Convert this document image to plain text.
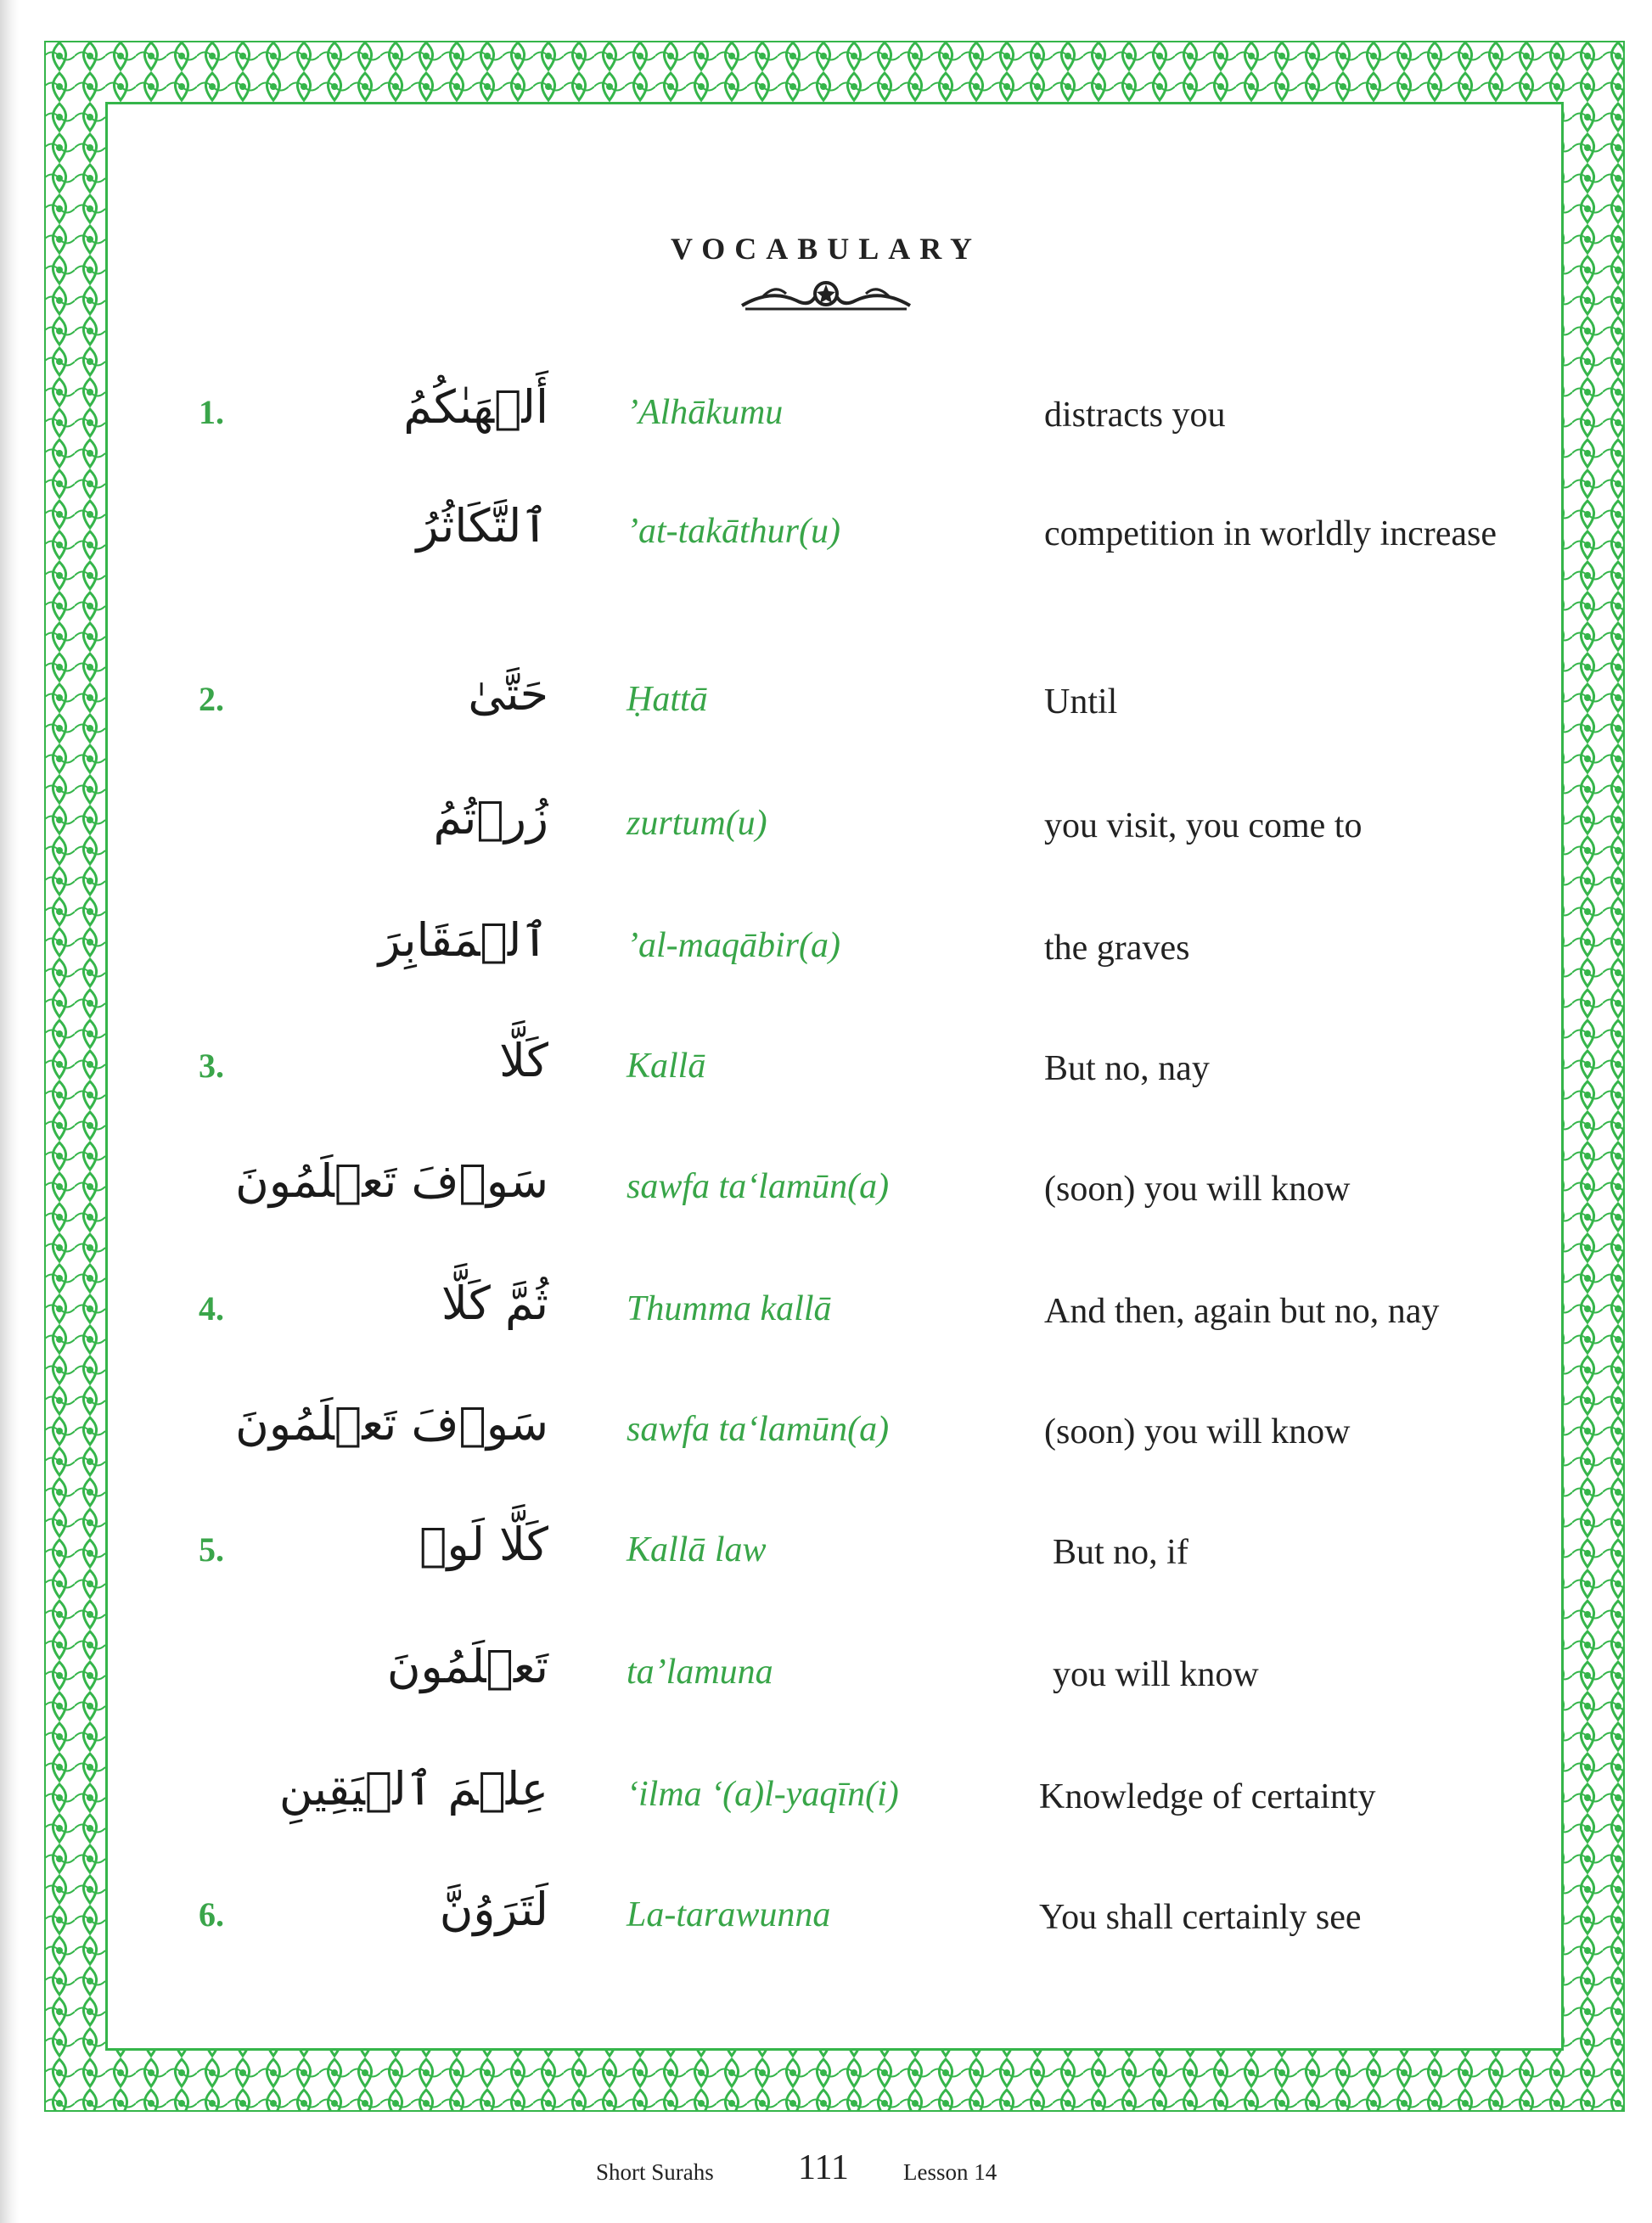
VOCABULARY
1.	أَلۡهَىٰكُمُ ’Alhākumu	distracts you
ٱلتَّكَاثُرُ ’at-takāthur(u)	competition in worldly increase
2.	حَتَّىٰ Ḥattā	Until
زُرۡتُمُ zurtum(u)	you visit, you come to
ٱلۡمَقَابِرَ ’al-maqābir(a)	the graves
3.	كَلَّا Kallā	But no, nay
سَوۡفَ تَعۡلَمُونَ sawfa ta‘lamūn(a)	(soon) you will know
4.	ثُمَّ كَلَّا Thumma kallā	And then, again but no, nay
سَوۡفَ تَعۡلَمُونَ sawfa ta‘lamūn(a)	(soon) you will know
5.	كَلَّا لَوۡ Kallā law	But no, if
تَعۡلَمُونَ ta’lamuna	you will know
عِلۡمَ ٱلۡيَقِينِ ‘ilma ‘(a)l-yaqīn(i)	Knowledge of certainty
6.	لَتَرَوُنَّ La-tarawunna	You shall certainly see
Short Surahs 111 Lesson 14
